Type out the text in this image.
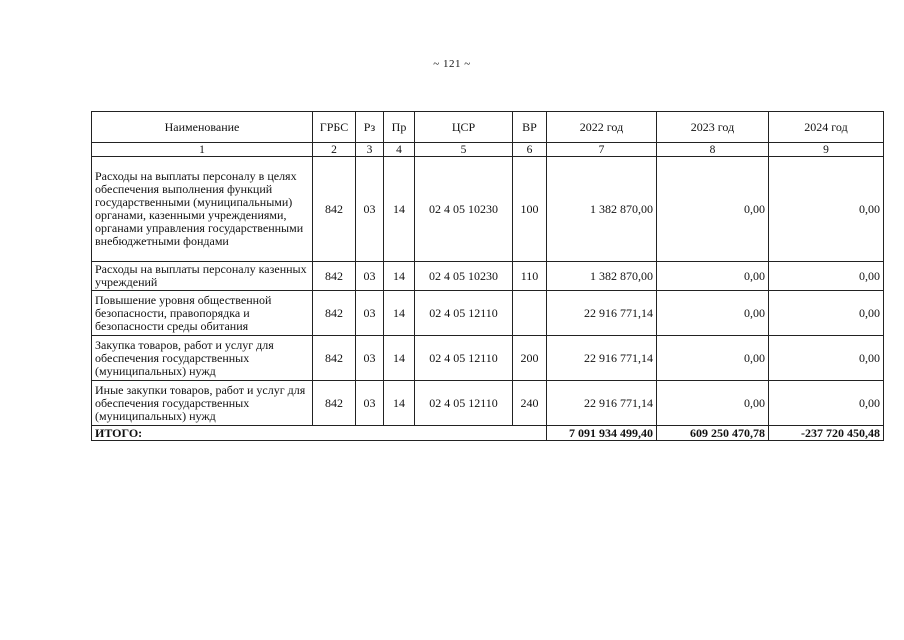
~ 121 ~
Наименование	ГРБС	Рз	Пр	ЦСР	ВР	2022 год	2023 год	2024 год
1	2	3	4	5	6	7	8	9
Расходы на выплаты персоналу в целях обеспечения выполнения функций государственными (муниципальными) органами, казенными учреждениями, органами управления государственными внебюджетными фондами	842	03	14	02 4 05 10230	100	1 382 870,00	0,00	0,00
Расходы на выплаты персоналу казенных учреждений	842	03	14	02 4 05 10230	110	1 382 870,00	0,00	0,00
Повышение уровня общественной безопасности, правопорядка и безопасности среды обитания	842	03	14	02 4 05 12110		22 916 771,14	0,00	0,00
Закупка товаров, работ и услуг для обеспечения государственных (муниципальных) нужд	842	03	14	02 4 05 12110	200	22 916 771,14	0,00	0,00
Иные закупки товаров, работ и услуг для обеспечения государственных (муниципальных) нужд	842	03	14	02 4 05 12110	240	22 916 771,14	0,00	0,00
ИТОГО:						7 091 934 499,40	609 250 470,78	-237 720 450,48
